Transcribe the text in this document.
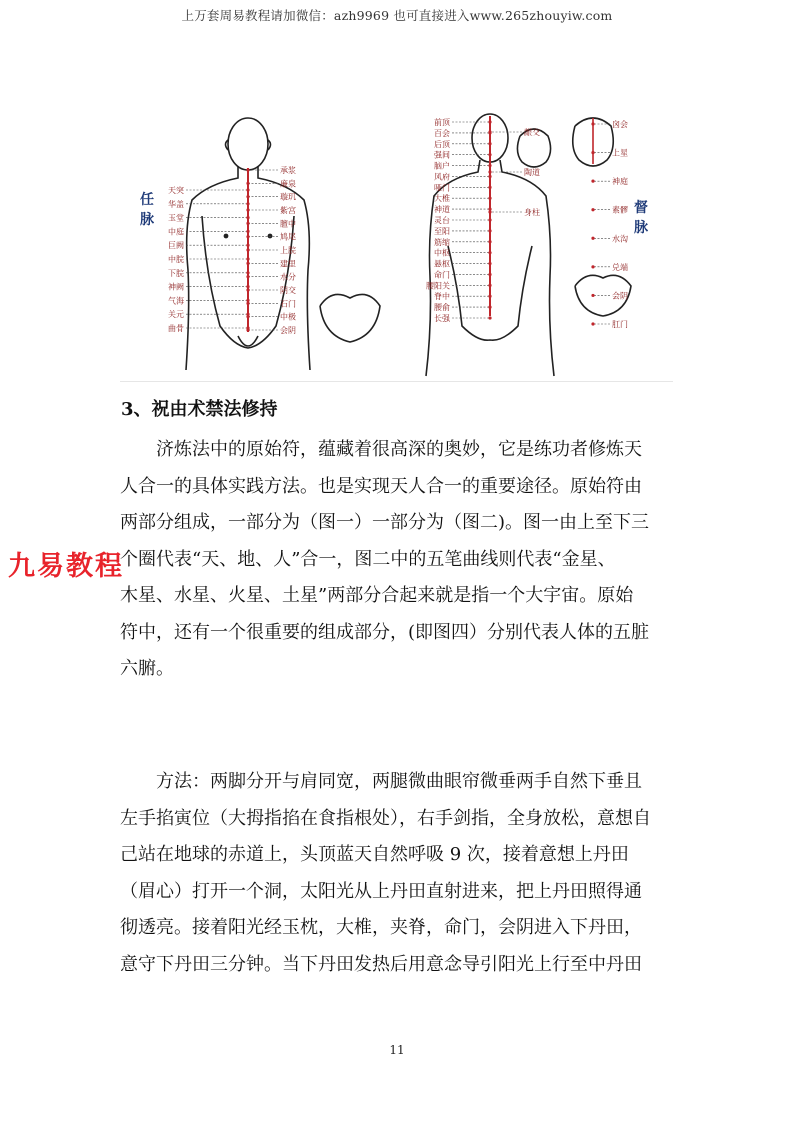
上万套周易教程请加微信：azh9969 也可直接进入www.265zhouyiw.com
任
脉
督
脉
天突
华盖
玉堂
中庭
巨阙
中脘
下脘
神阙
气海
关元
曲骨
承浆
廉泉
璇玑
紫宫
膻中
鸠尾
上脘
建里
水分
阴交
石门
中极
会阴
前顶
百会
后顶
强间
脑户
风府
哑门
大椎
神道
灵台
至阳
筋缩
中枢
悬枢
命门
腰阳关
脊中
腰俞
长强
囟会
上星
神庭
素髎
水沟
兑端
会阴
肛门
龈交
陶道
身柱
3、祝由术禁法修持
济炼法中的原始符，蕴藏着很高深的奥妙，它是练功者修炼天
人合一的具体实践方法。也是实现天人合一的重要途径。原始符由
两部分组成，一部分为（图一）一部分为（图二)。图一由上至下三
个圈代表“天、地、人”合一，图二中的五笔曲线则代表“金星、
木星、水星、火星、土星”两部分合起来就是指一个大宇宙。原始
符中，还有一个很重要的组成部分，(即图四）分别代表人体的五脏
六腑。
方法：两脚分开与肩同宽，两腿微曲眼帘微垂两手自然下垂且
左手掐寅位（大拇指掐在食指根处），右手剑指，全身放松，意想自
己站在地球的赤道上，头顶蓝天自然呼吸 9 次，接着意想上丹田
（眉心）打开一个洞，太阳光从上丹田直射进来，把上丹田照得通
彻透亮。接着阳光经玉枕，大椎，夹脊，命门，会阴进入下丹田，
意守下丹田三分钟。当下丹田发热后用意念导引阳光上行至中丹田
九易教程
11
